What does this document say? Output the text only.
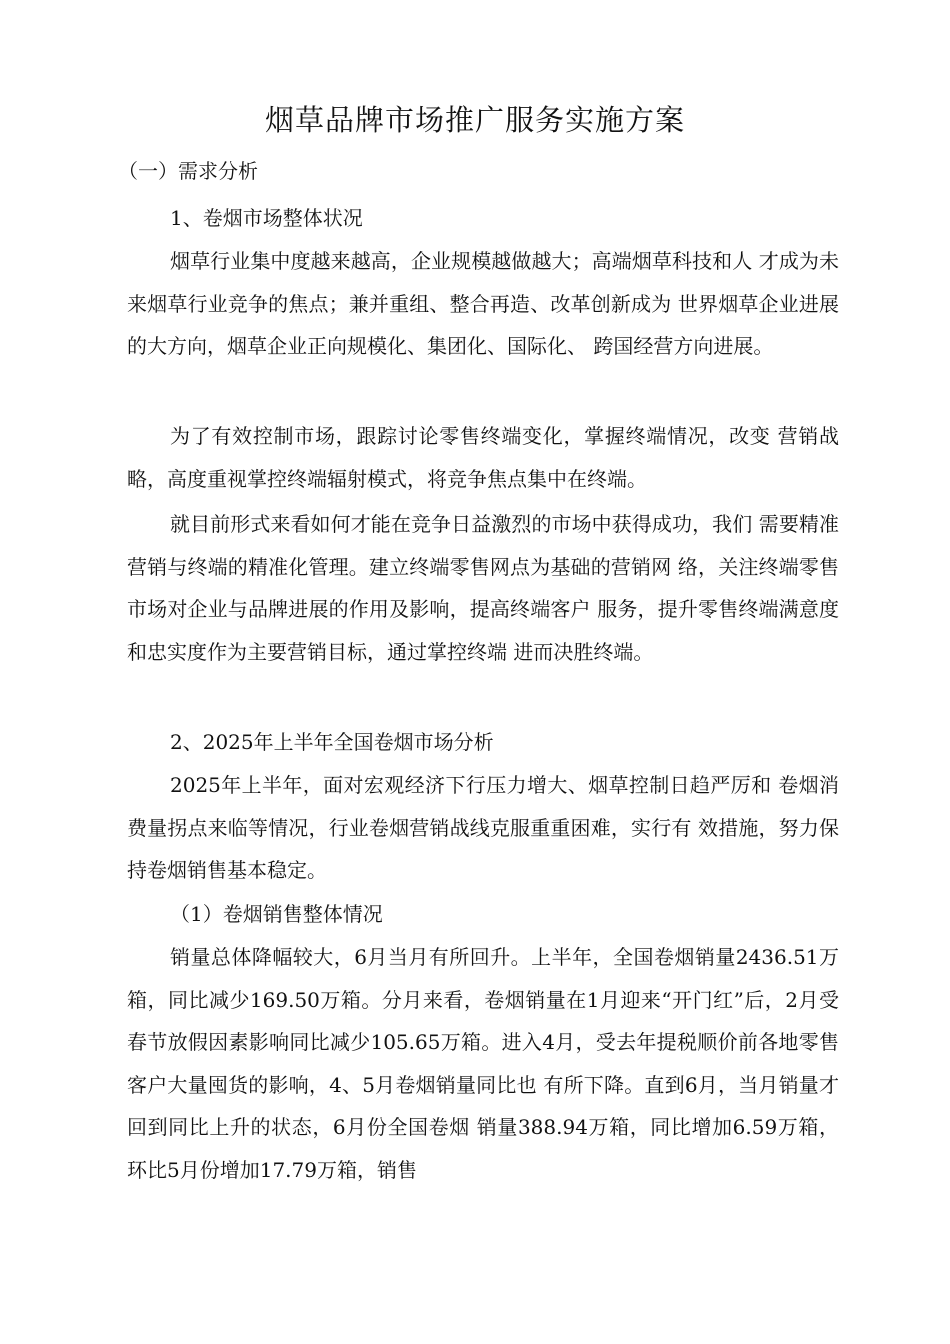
烟草品牌市场推广服务实施方案
（一）需求分析
1、卷烟市场整体状况
烟草行业集中度越来越高，企业规模越做越大；高端烟草科技和人 才成为未来烟草行业竞争的焦点；兼并重组、整合再造、改革创新成为 世界烟草企业进展的大方向，烟草企业正向规模化、集团化、国际化、 跨国经营方向进展。
为了有效控制市场，跟踪讨论零售终端变化，掌握终端情况，改变 营销战略，高度重视掌控终端辐射模式，将竞争焦点集中在终端。
就目前形式来看如何才能在竞争日益激烈的市场中获得成功，我们 需要精准营销与终端的精准化管理。建立终端零售网点为基础的营销网 络，关注终端零售市场对企业与品牌进展的作用及影响，提高终端客户 服务，提升零售终端满意度和忠实度作为主要营销目标，通过掌控终端 进而决胜终端。
2、2025年上半年全国卷烟市场分析
2025年上半年，面对宏观经济下行压力增大、烟草控制日趋严厉和 卷烟消费量拐点来临等情况，行业卷烟营销战线克服重重困难，实行有 效措施，努力保持卷烟销售基本稳定。
（1）卷烟销售整体情况
销量总体降幅较大，6月当月有所回升。上半年，全国卷烟销量2436.51万箱，同比减少169.50万箱。分月来看，卷烟销量在1月迎来“开门红”后，2月受春节放假因素影响同比减少105.65万箱。进入4月，受去年提税顺价前各地零售客户大量囤货的影响，4、5月卷烟销量同比也 有所下降。直到6月，当月销量才回到同比上升的状态，6月份全国卷烟 销量388.94万箱，同比增加6.59万箱，环比5月份增加17.79万箱，销售
